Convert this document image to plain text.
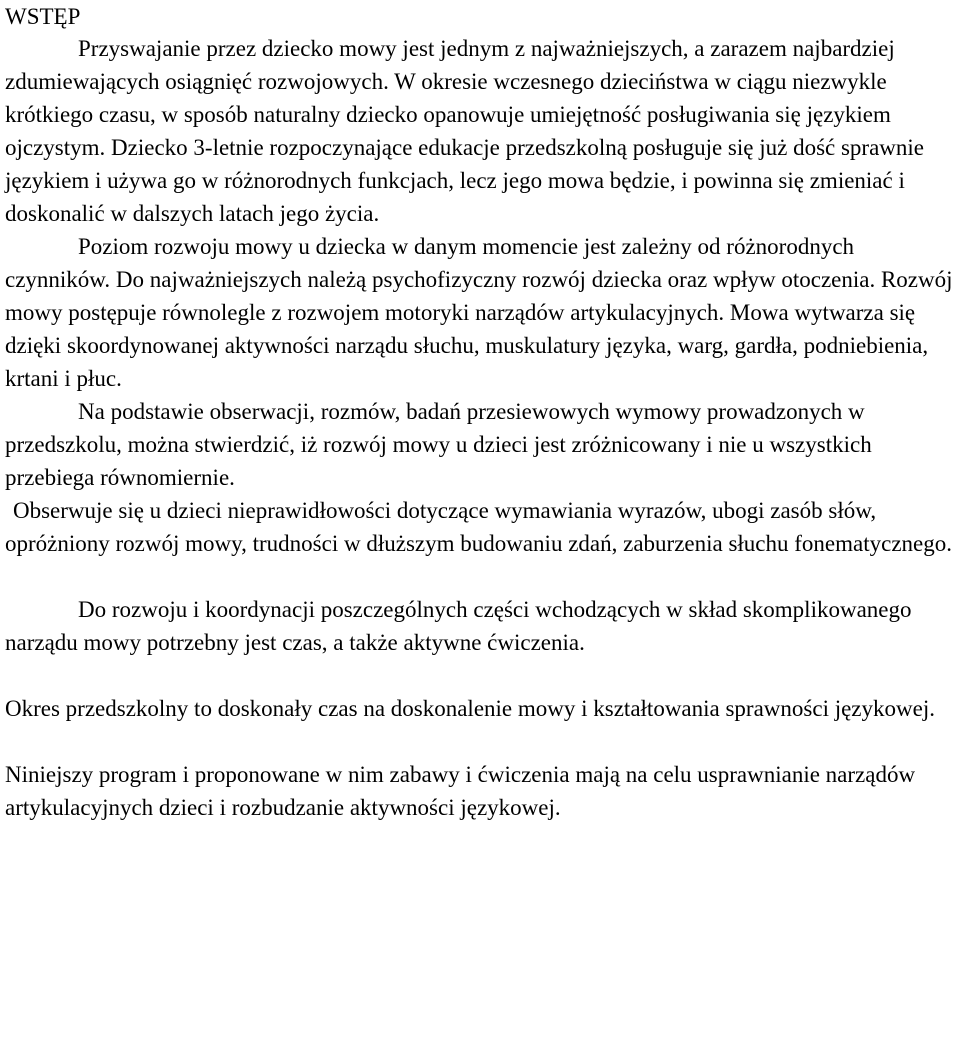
WSTĘP

Przyswajanie przez dziecko mowy jest jednym z najważniejszych, a zarazem najbardziej zdumiewających osiągnięć rozwojowych. W okresie wczesnego dzieciństwa w ciągu niezwykle krótkiego czasu, w sposób naturalny dziecko opanowuje umiejętność posługiwania się językiem ojczystym. Dziecko 3-letnie rozpoczynające edukacje przedszkolną posługuje się już dość sprawnie językiem i używa go w różnorodnych funkcjach, lecz jego mowa będzie, i powinna się zmieniać i doskonalić w dalszych latach jego życia.

Poziom rozwoju mowy u dziecka w danym momencie jest zależny od różnorodnych czynników. Do najważniejszych należą psychofizyczny rozwój dziecka oraz wpływ otoczenia. Rozwój mowy postępuje równolegle z rozwojem motoryki narządów artykulacyjnych. Mowa wytwarza się dzięki skoordynowanej aktywności narządu słuchu, muskulatury języka, warg, gardła, podniebienia, krtani i płuc.

Na podstawie obserwacji, rozmów, badań przesiewowych wymowy prowadzonych w przedszkolu, można stwierdzić, iż rozwój mowy u dzieci jest zróżnicowany i nie u wszystkich przebiega równomiernie.

Obserwuje się u dzieci nieprawidłowości dotyczące wymawiania wyrazów, ubogi zasób słów, opróżniony rozwój mowy, trudności w dłuższym budowaniu zdań, zaburzenia słuchu fonematycznego.

Do rozwoju i koordynacji poszczególnych części wchodzących w skład skomplikowanego narządu mowy potrzebny jest czas, a także aktywne ćwiczenia.

Okres przedszkolny to doskonały czas na doskonalenie mowy i kształtowania sprawności językowej.

Niniejszy program i proponowane w nim zabawy i ćwiczenia mają na celu usprawnianie narządów artykulacyjnych dzieci i rozbudzanie aktywności językowej.
